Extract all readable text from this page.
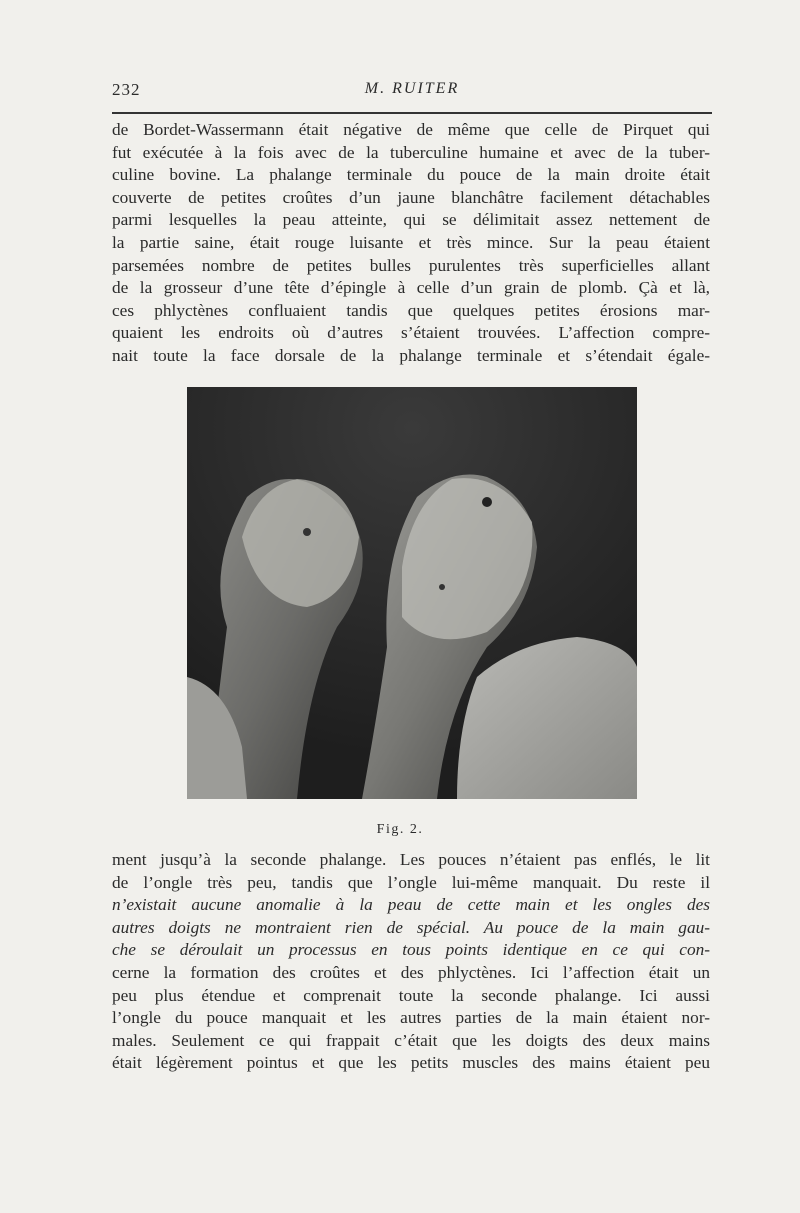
232	M. RUITER
de Bordet-Wassermann était négative de même que celle de Pirquet qui
fut exécutée à la fois avec de la tuberculine humaine et avec de la tuber-
culine bovine. La phalange terminale du pouce de la main droite était
couverte de petites croûtes d’un jaune blanchâtre facilement détachables
parmi lesquelles la peau atteinte, qui se délimitait assez nettement de
la partie saine, était rouge luisante et très mince. Sur la peau étaient
parsemées nombre de petites bulles purulentes très superficielles allant
de la grosseur d’une tête d’épingle à celle d’un grain de plomb. Çà et là,
ces phlyctènes confluaient tandis que quelques petites érosions mar-
quaient les endroits où d’autres s’étaient trouvées. L’affection compre-
nait toute la face dorsale de la phalange terminale et s’étendait égale-
Fig. 2.
ment jusqu’à la seconde phalange. Les pouces n’étaient pas enflés, le lit
de l’ongle très peu, tandis que l’ongle lui-même manquait. Du reste il
n’existait aucune anomalie à la peau de cette main et les ongles des
autres doigts ne montraient rien de spécial. Au pouce de la main gau-
che se déroulait un processus en tous points identique en ce qui con-
cerne la formation des croûtes et des phlyctènes. Ici l’affection était un
peu plus étendue et comprenait toute la seconde phalange. Ici aussi
l’ongle du pouce manquait et les autres parties de la main étaient nor-
males. Seulement ce qui frappait c’était que les doigts des deux mains
était légèrement pointus et que les petits muscles des mains étaient peu
